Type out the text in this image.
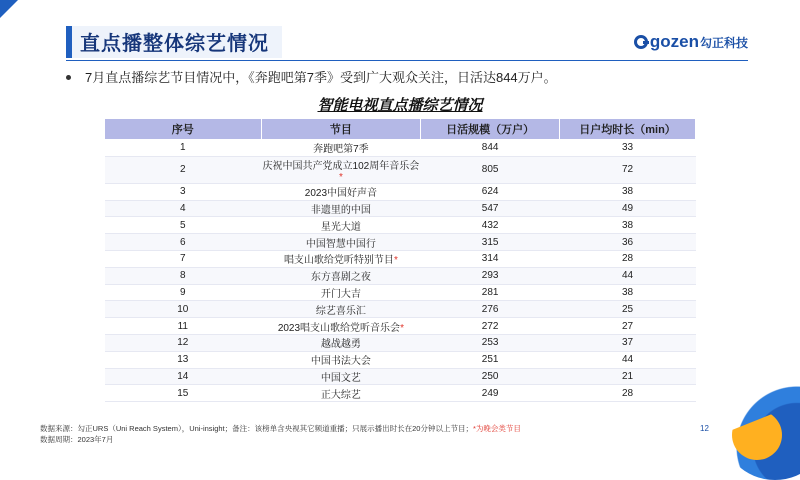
直点播整体综艺情况	gozen 勾正科技
7月直点播综艺节目情况中，《奔跑吧第7季》受到广大观众关注，日活达844万户。
智能电视直点播综艺情况
序号	节目	日活规模（万户）	日户均时长（min）
1	奔跑吧第7季	844	33
2	庆祝中国共产党成立102周年音乐会*	805	72
3	2023中国好声音	624	38
4	非遗里的中国	547	49
5	星光大道	432	38
6	中国智慧中国行	315	36
7	唱支山歌给党听特别节目*	314	28
8	东方喜剧之夜	293	44
9	开门大吉	281	38
10	综艺喜乐汇	276	25
11	2023唱支山歌给党听音乐会*	272	27
12	越战越勇	253	37
13	中国书法大会	251	44
14	中国文艺	250	21
15	正大综艺	249	28
数据来源：勾正URS（Uni Reach System），Uni-insight；备注：该榜单含央视其它频道重播；只展示播出时长在20分钟以上节目；*为晚会类节目
数据周期：2023年7月
12
